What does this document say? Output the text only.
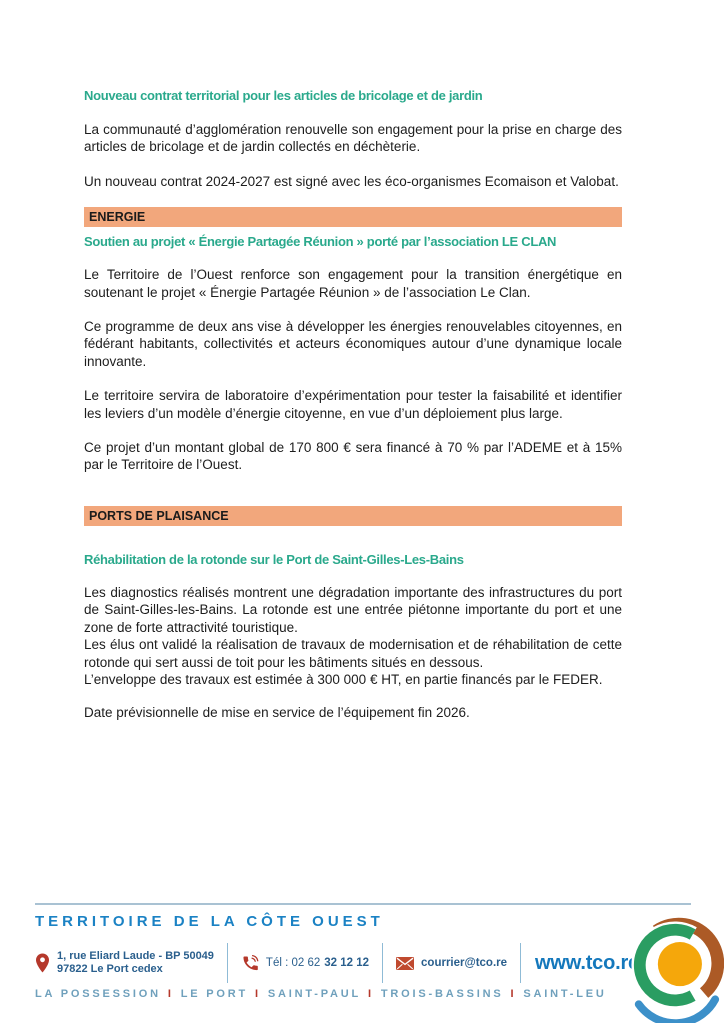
Nouveau contrat territorial pour les articles de bricolage et de jardin

La communauté d’agglomération renouvelle son engagement pour la prise en charge des articles de bricolage et de jardin collectés en déchèterie.

Un nouveau contrat 2024-2027 est signé avec les éco-organismes Ecomaison et Valobat.

ENERGIE
Soutien au projet « Énergie Partagée Réunion » porté par l’association LE CLAN

Le Territoire de l’Ouest renforce son engagement pour la transition énergétique en soutenant le projet « Énergie Partagée Réunion » de l’association Le Clan.

Ce programme de deux ans vise à développer les énergies renouvelables citoyennes, en fédérant habitants, collectivités et acteurs économiques autour d’une dynamique locale innovante.

Le territoire servira de laboratoire d’expérimentation pour tester la faisabilité et identifier les leviers d’un modèle d’énergie citoyenne, en vue d’un déploiement plus large.

Ce projet d’un montant global de 170 800 € sera financé à 70 % par l’ADEME et à 15% par le Territoire de l’Ouest.

PORTS DE PLAISANCE
Réhabilitation de la rotonde sur le Port de Saint-Gilles-Les-Bains

Les diagnostics réalisés montrent une dégradation importante des infrastructures du port de Saint-Gilles-les-Bains. La rotonde est une entrée piétonne importante du port et une zone de forte attractivité touristique.

Les élus ont validé la réalisation de travaux de modernisation et de réhabilitation de cette rotonde qui sert aussi de toit pour les bâtiments situés en dessous.

L’enveloppe des travaux est estimée à 300 000 € HT, en partie financés par le FEDER.

Date prévisionnelle de mise en service de l’équipement fin 2026.

TERRITOIRE DE LA CÔTE OUEST
1, rue Eliard Laude - BP 50049
97822 Le Port cedex	Tél : 02 62 32 12 12	courrier@tco.re	www.tco.re
LA POSSESSION I LE PORT I SAINT-PAUL I TROIS-BASSINS I SAINT-LEU
